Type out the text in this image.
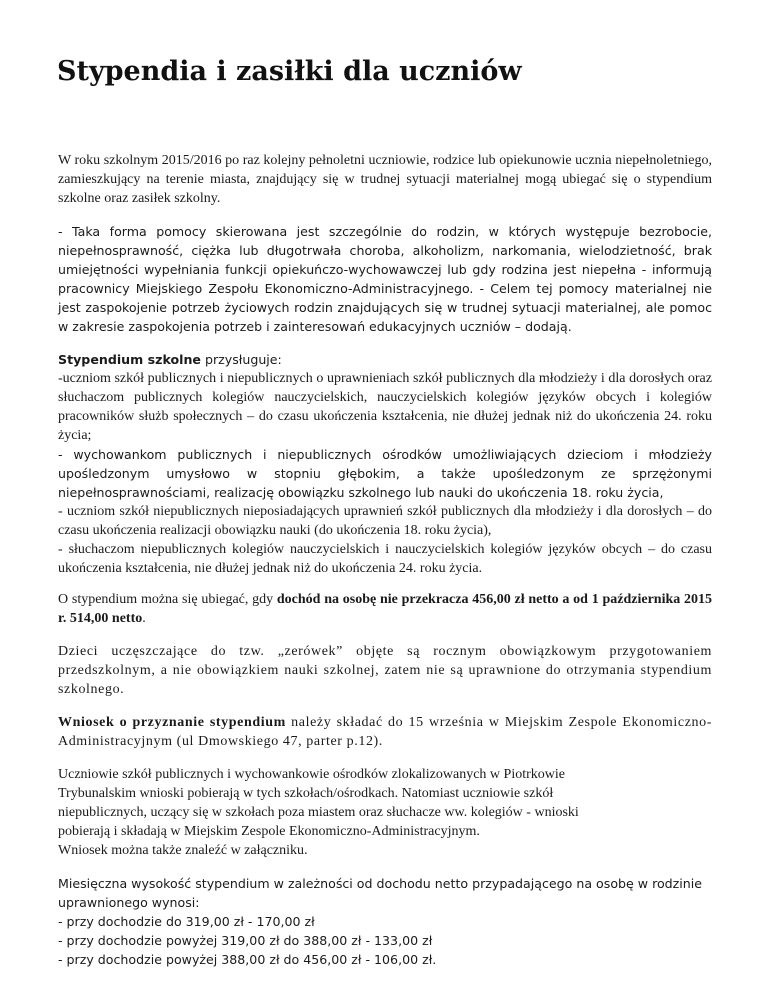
Stypendia i zasiłki dla uczniów

W roku szkolnym 2015/2016 po raz kolejny pełnoletni uczniowie, rodzice lub opiekunowie ucznia niepełnoletniego, zamieszkujący na terenie miasta, znajdujący się w trudnej sytuacji materialnej mogą ubiegać się o stypendium szkolne oraz zasiłek szkolny.

- Taka forma pomocy skierowana jest szczególnie do rodzin, w których występuje bezrobocie, niepełnosprawność, ciężka lub długotrwała choroba, alkoholizm, narkomania, wielodzietność, brak umiejętności wypełniania funkcji opiekuńczo-wychowawczej lub gdy rodzina jest niepełna - informują pracownicy Miejskiego Zespołu Ekonomiczno-Administracyjnego. - Celem tej pomocy materialnej nie jest zaspokojenie potrzeb życiowych rodzin znajdujących się w trudnej sytuacji materialnej, ale pomoc w zakresie zaspokojenia potrzeb i zainteresowań edukacyjnych uczniów – dodają.

Stypendium szkolne przysługuje:
-uczniom szkół publicznych i niepublicznych o uprawnieniach szkół publicznych dla młodzieży i dla dorosłych oraz słuchaczom publicznych kolegiów nauczycielskich, nauczycielskich kolegiów języków obcych i kolegiów pracowników służb społecznych – do czasu ukończenia kształcenia, nie dłużej jednak niż do ukończenia 24. roku życia;
- wychowankom publicznych i niepublicznych ośrodków umożliwiających dzieciom i młodzieży upośledzonym umysłowo w stopniu głębokim, a także upośledzonym ze sprzężonymi niepełnosprawnościami, realizację obowiązku szkolnego lub nauki do ukończenia 18. roku życia,
- uczniom szkół niepublicznych nieposiadających uprawnień szkół publicznych dla młodzieży i dla dorosłych – do czasu ukończenia realizacji obowiązku nauki (do ukończenia 18. roku życia),
- słuchaczom niepublicznych kolegiów nauczycielskich i nauczycielskich kolegiów języków obcych – do czasu ukończenia kształcenia, nie dłużej jednak niż do ukończenia 24. roku życia.

O stypendium można się ubiegać, gdy dochód na osobę nie przekracza 456,00 zł netto a od 1 października 2015 r. 514,00 netto.

Dzieci uczęszczające do tzw. „zerówek” objęte są rocznym obowiązkowym przygotowaniem przedszkolnym, a nie obowiązkiem nauki szkolnej, zatem nie są uprawnione do otrzymania stypendium szkolnego.

Wniosek o przyznanie stypendium należy składać do 15 września w Miejskim Zespole Ekonomiczno-Administracyjnym (ul Dmowskiego 47, parter p.12).

Uczniowie szkół publicznych i wychowankowie ośrodków zlokalizowanych w Piotrkowie
Trybunalskim wnioski pobierają w tych szkołach/ośrodkach. Natomiast uczniowie szkół
niepublicznych, uczący się w szkołach poza miastem oraz słuchacze ww. kolegiów - wnioski
pobierają i składają w Miejskim Zespole Ekonomiczno-Administracyjnym.
Wniosek można także znaleźć w załączniku.

Miesięczna wysokość stypendium w zależności od dochodu netto przypadającego na osobę w rodzinie uprawnionego wynosi:
- przy dochodzie do 319,00 zł - 170,00 zł
- przy dochodzie powyżej 319,00 zł do 388,00 zł - 133,00 zł
- przy dochodzie powyżej 388,00 zł do 456,00 zł - 106,00 zł.
